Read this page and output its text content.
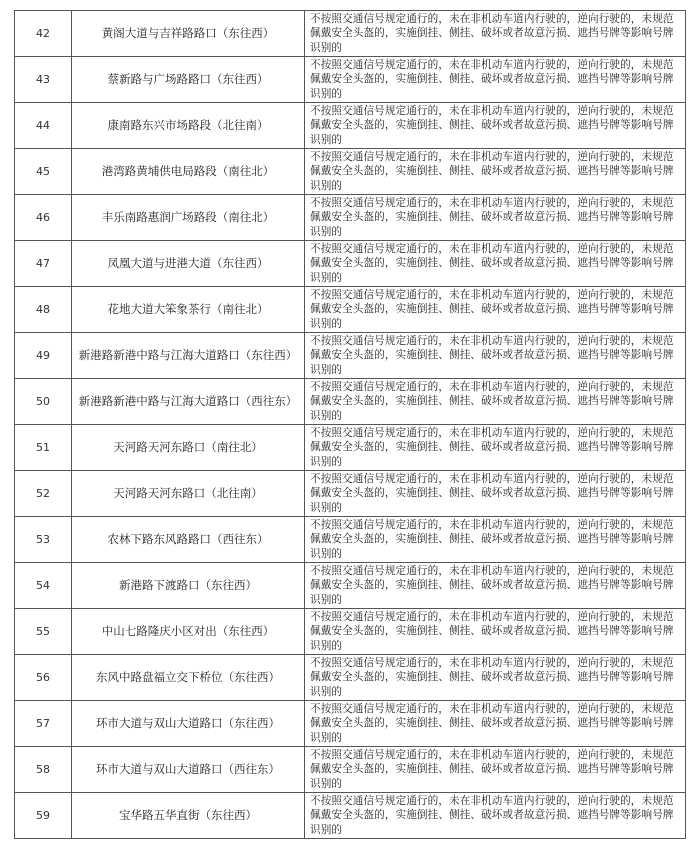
42	黄阁大道与吉祥路路口（东往西）	不按照交通信号规定通行的，未在非机动车道内行驶的，逆向行驶的，未规范佩戴安全头盔的，实施倒挂、侧挂、破坏或者故意污损、遮挡号牌等影响号牌识别的
43	蔡新路与广场路路口（东往西）	不按照交通信号规定通行的，未在非机动车道内行驶的，逆向行驶的，未规范佩戴安全头盔的，实施倒挂、侧挂、破坏或者故意污损、遮挡号牌等影响号牌识别的
44	康南路东兴市场路段（北往南）	不按照交通信号规定通行的，未在非机动车道内行驶的，逆向行驶的，未规范佩戴安全头盔的，实施倒挂、侧挂、破坏或者故意污损、遮挡号牌等影响号牌识别的
45	港湾路黄埔供电局路段（南往北）	不按照交通信号规定通行的，未在非机动车道内行驶的，逆向行驶的，未规范佩戴安全头盔的，实施倒挂、侧挂、破坏或者故意污损、遮挡号牌等影响号牌识别的
46	丰乐南路惠润广场路段（南往北）	不按照交通信号规定通行的，未在非机动车道内行驶的，逆向行驶的，未规范佩戴安全头盔的，实施倒挂、侧挂、破坏或者故意污损、遮挡号牌等影响号牌识别的
47	凤凰大道与进港大道（东往西）	不按照交通信号规定通行的，未在非机动车道内行驶的，逆向行驶的，未规范佩戴安全头盔的，实施倒挂、侧挂、破坏或者故意污损、遮挡号牌等影响号牌识别的
48	花地大道大笨象茶行（南往北）	不按照交通信号规定通行的，未在非机动车道内行驶的，逆向行驶的，未规范佩戴安全头盔的，实施倒挂、侧挂、破坏或者故意污损、遮挡号牌等影响号牌识别的
49	新港路新港中路与江海大道路口（东往西）	不按照交通信号规定通行的，未在非机动车道内行驶的，逆向行驶的，未规范佩戴安全头盔的，实施倒挂、侧挂、破坏或者故意污损、遮挡号牌等影响号牌识别的
50	新港路新港中路与江海大道路口（西往东）	不按照交通信号规定通行的，未在非机动车道内行驶的，逆向行驶的，未规范佩戴安全头盔的，实施倒挂、侧挂、破坏或者故意污损、遮挡号牌等影响号牌识别的
51	天河路天河东路口（南往北）	不按照交通信号规定通行的，未在非机动车道内行驶的，逆向行驶的，未规范佩戴安全头盔的，实施倒挂、侧挂、破坏或者故意污损、遮挡号牌等影响号牌识别的
52	天河路天河东路口（北往南）	不按照交通信号规定通行的，未在非机动车道内行驶的，逆向行驶的，未规范佩戴安全头盔的，实施倒挂、侧挂、破坏或者故意污损、遮挡号牌等影响号牌识别的
53	农林下路东风路路口（西往东）	不按照交通信号规定通行的，未在非机动车道内行驶的，逆向行驶的，未规范佩戴安全头盔的，实施倒挂、侧挂、破坏或者故意污损、遮挡号牌等影响号牌识别的
54	新港路下渡路口（东往西）	不按照交通信号规定通行的，未在非机动车道内行驶的，逆向行驶的，未规范佩戴安全头盔的，实施倒挂、侧挂、破坏或者故意污损、遮挡号牌等影响号牌识别的
55	中山七路隆庆小区对出（东往西）	不按照交通信号规定通行的，未在非机动车道内行驶的，逆向行驶的，未规范佩戴安全头盔的，实施倒挂、侧挂、破坏或者故意污损、遮挡号牌等影响号牌识别的
56	东风中路盘福立交下桥位（东往西）	不按照交通信号规定通行的，未在非机动车道内行驶的，逆向行驶的，未规范佩戴安全头盔的，实施倒挂、侧挂、破坏或者故意污损、遮挡号牌等影响号牌识别的
57	环市大道与双山大道路口（东往西）	不按照交通信号规定通行的，未在非机动车道内行驶的，逆向行驶的，未规范佩戴安全头盔的，实施倒挂、侧挂、破坏或者故意污损、遮挡号牌等影响号牌识别的
58	环市大道与双山大道路口（西往东）	不按照交通信号规定通行的，未在非机动车道内行驶的，逆向行驶的，未规范佩戴安全头盔的，实施倒挂、侧挂、破坏或者故意污损、遮挡号牌等影响号牌识别的
59	宝华路五华直街（东往西）	不按照交通信号规定通行的，未在非机动车道内行驶的，逆向行驶的，未规范佩戴安全头盔的，实施倒挂、侧挂、破坏或者故意污损、遮挡号牌等影响号牌识别的
